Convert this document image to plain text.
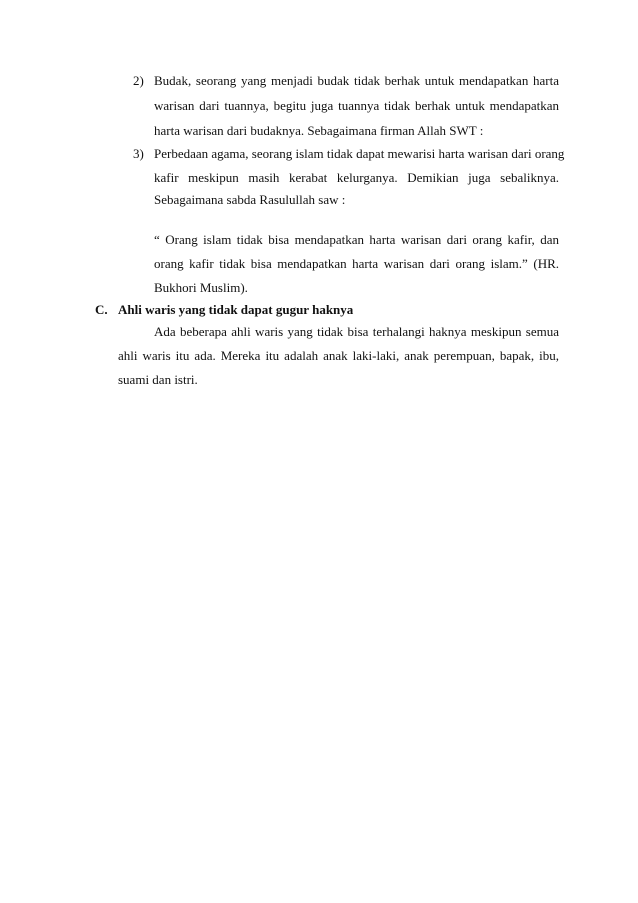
2) Budak, seorang yang menjadi budak tidak berhak untuk mendapatkan harta
warisan dari tuannya, begitu juga tuannya tidak berhak untuk mendapatkan
harta warisan dari budaknya. Sebagaimana firman Allah SWT :
3) Perbedaan agama, seorang islam tidak dapat mewarisi harta warisan dari orang
kafir meskipun masih kerabat kelurganya. Demikian juga sebaliknya.
Sebagaimana sabda Rasulullah saw :
“ Orang islam tidak bisa mendapatkan harta warisan dari orang kafir, dan
orang kafir tidak bisa mendapatkan harta warisan dari orang islam.” (HR.
Bukhori Muslim).
C. Ahli waris yang tidak dapat gugur haknya
Ada beberapa ahli waris yang tidak bisa terhalangi haknya meskipun semua
ahli waris itu ada. Mereka itu adalah anak laki-laki, anak perempuan, bapak, ibu,
suami dan istri.
